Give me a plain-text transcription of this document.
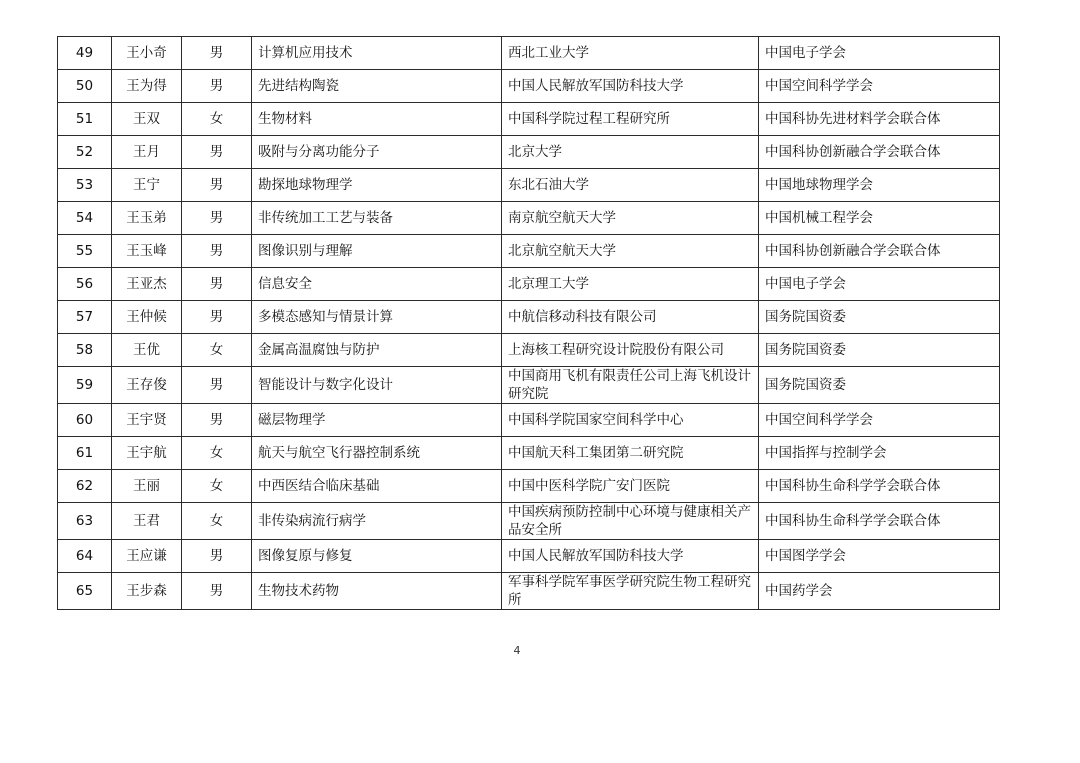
49	王小奇	男	计算机应用技术	西北工业大学	中国电子学会
50	王为得	男	先进结构陶瓷	中国人民解放军国防科技大学	中国空间科学学会
51	王双	女	生物材料	中国科学院过程工程研究所	中国科协先进材料学会联合体
52	王月	男	吸附与分离功能分子	北京大学	中国科协创新融合学会联合体
53	王宁	男	勘探地球物理学	东北石油大学	中国地球物理学会
54	王玉弟	男	非传统加工工艺与装备	南京航空航天大学	中国机械工程学会
55	王玉峰	男	图像识别与理解	北京航空航天大学	中国科协创新融合学会联合体
56	王亚杰	男	信息安全	北京理工大学	中国电子学会
57	王仲候	男	多模态感知与情景计算	中航信移动科技有限公司	国务院国资委
58	王优	女	金属高温腐蚀与防护	上海核工程研究设计院股份有限公司	国务院国资委
59	王存俊	男	智能设计与数字化设计	中国商用飞机有限责任公司上海飞机设计研究院	国务院国资委
60	王宇贤	男	磁层物理学	中国科学院国家空间科学中心	中国空间科学学会
61	王宇航	女	航天与航空飞行器控制系统	中国航天科工集团第二研究院	中国指挥与控制学会
62	王丽	女	中西医结合临床基础	中国中医科学院广安门医院	中国科协生命科学学会联合体
63	王君	女	非传染病流行病学	中国疾病预防控制中心环境与健康相关产品安全所	中国科协生命科学学会联合体
64	王应谦	男	图像复原与修复	中国人民解放军国防科技大学	中国图学学会
65	王步森	男	生物技术药物	军事科学院军事医学研究院生物工程研究所	中国药学会
4
